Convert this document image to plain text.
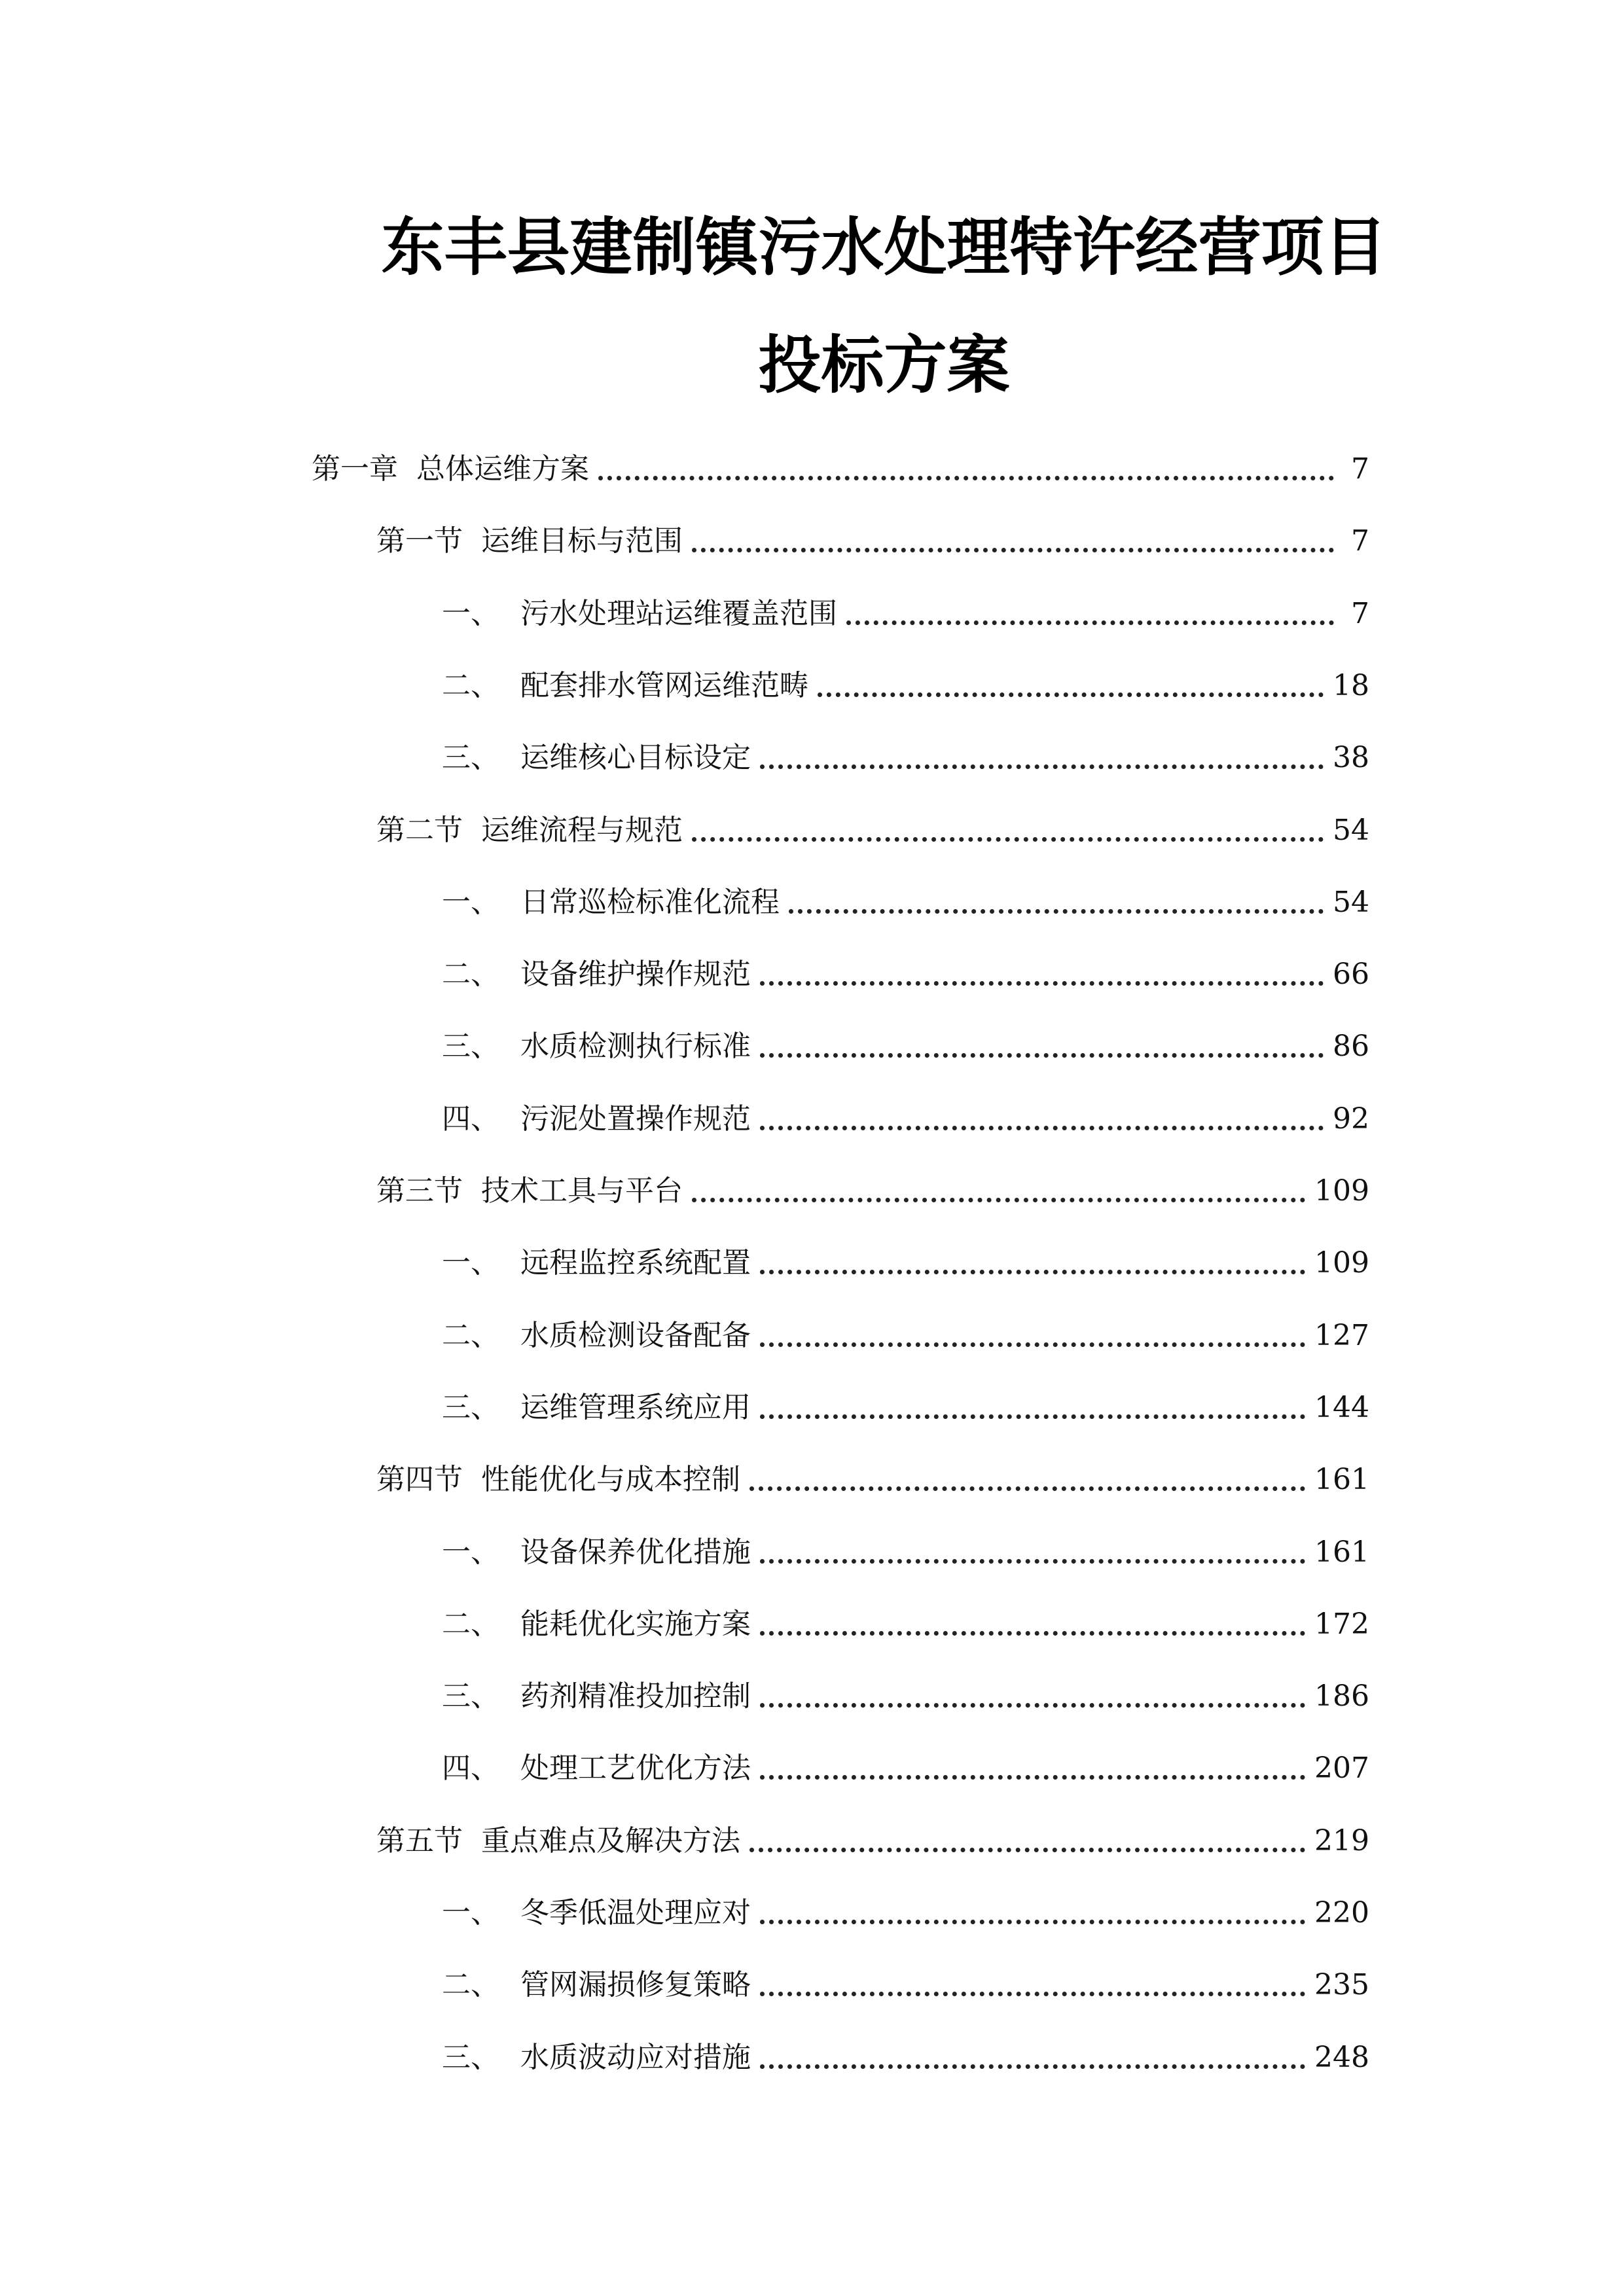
东丰县建制镇污水处理特许经营项目
投标方案
第一章 总体运维方案	7
第一节 运维目标与范围	7
一、 污水处理站运维覆盖范围	7
二、 配套排水管网运维范畴	18
三、 运维核心目标设定	38
第二节 运维流程与规范	54
一、 日常巡检标准化流程	54
二、 设备维护操作规范	66
三、 水质检测执行标准	86
四、 污泥处置操作规范	92
第三节 技术工具与平台	109
一、 远程监控系统配置	109
二、 水质检测设备配备	127
三、 运维管理系统应用	144
第四节 性能优化与成本控制	161
一、 设备保养优化措施	161
二、 能耗优化实施方案	172
三、 药剂精准投加控制	186
四、 处理工艺优化方法	207
第五节 重点难点及解决方法	219
一、 冬季低温处理应对	220
二、 管网漏损修复策略	235
三、 水质波动应对措施	248
